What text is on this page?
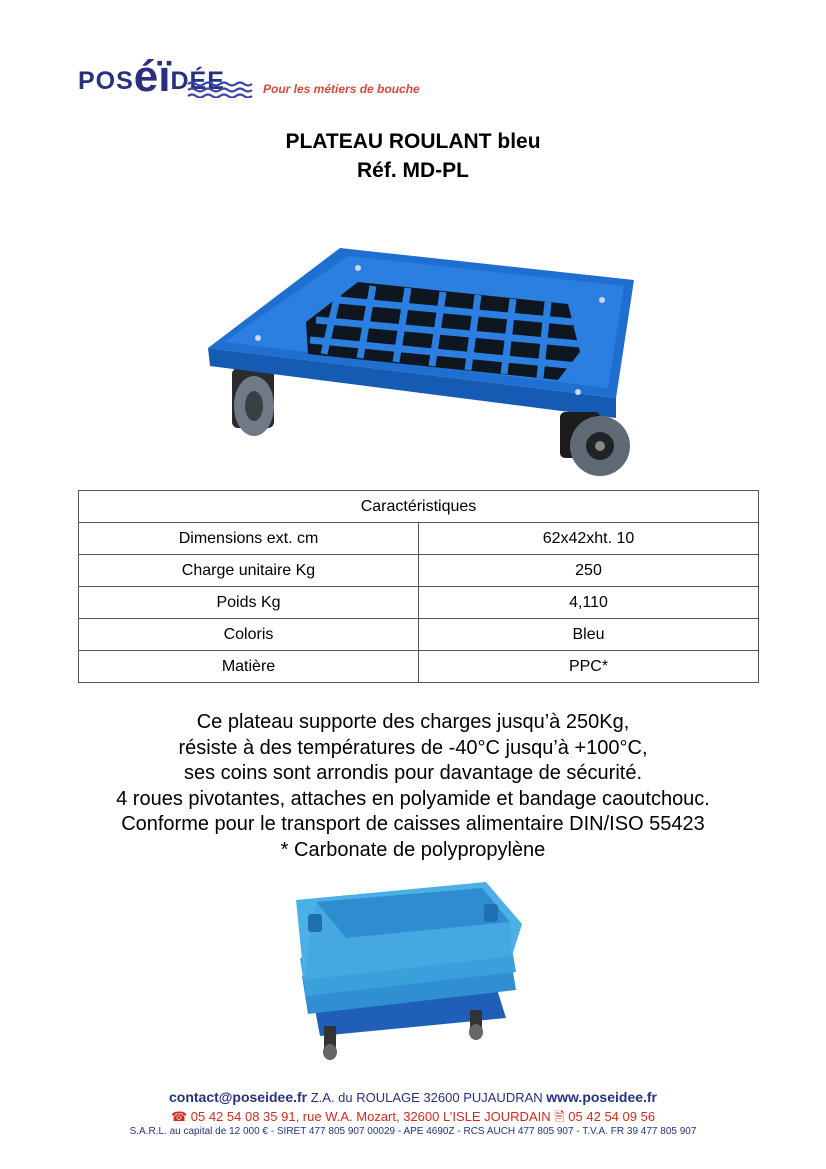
POSéïDÉE	Pour les métiers de bouche
PLATEAU ROULANT bleu
Réf. MD-PL
Caractéristiques	
Dimensions ext. cm	62x42xht. 10
Charge unitaire Kg	250
Poids Kg	4,110
Coloris	Bleu
Matière	PPC*
Ce plateau supporte des charges jusqu’à 250Kg,
résiste à des températures de -40°C jusqu’à +100°C,
ses coins sont arrondis pour davantage de sécurité.
4 roues pivotantes, attaches en polyamide et bandage caoutchouc.
Conforme pour le transport de caisses alimentaire DIN/ISO 55423
* Carbonate de polypropylène
contact@poseidee.fr Z.A. du ROULAGE 32600 PUJAUDRAN www.poseidee.fr
☎ 05 42 54 08 35 91, rue W.A. Mozart, 32600 L’ISLE JOURDAIN 🖹 05 42 54 09 56
S.A.R.L. au capital de 12 000 € - SIRET 477 805 907 00029 - APE 4690Z - RCS AUCH 477 805 907 - T.V.A. FR 39 477 805 907
